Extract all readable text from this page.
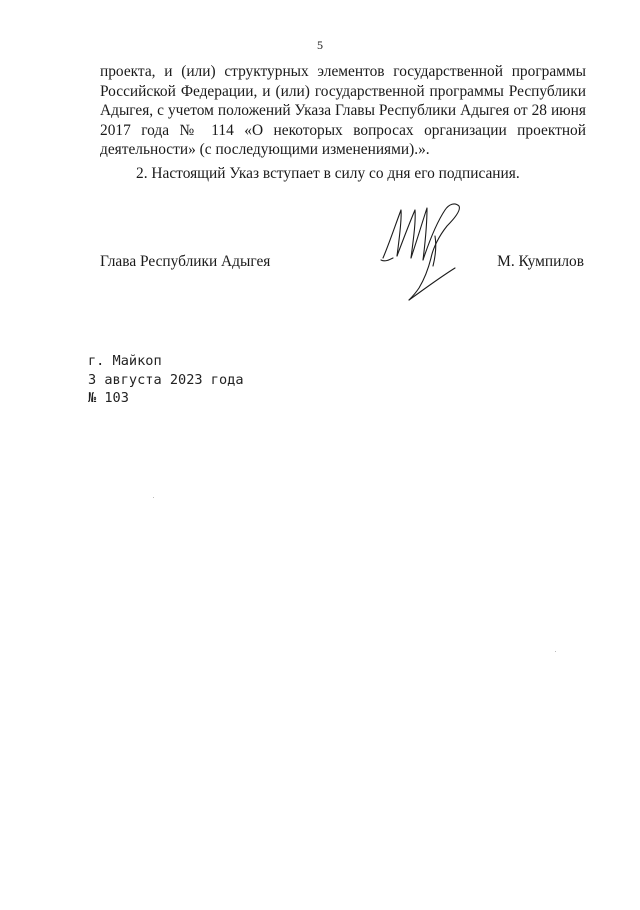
5

проекта, и (или) структурных элементов государственной программы Российской Федерации, и (или) государственной программы Республики Адыгея, с учетом положений Указа Главы Республики Адыгея от 28 июня 2017 года № 114 «О некоторых вопросах организации проектной деятельности» (с последующими изменениями).».

2. Настоящий Указ вступает в силу со дня его подписания.

Глава Республики Адыгея	М. Кумпилов
г. Майкоп
3 августа 2023 года
№ 103
